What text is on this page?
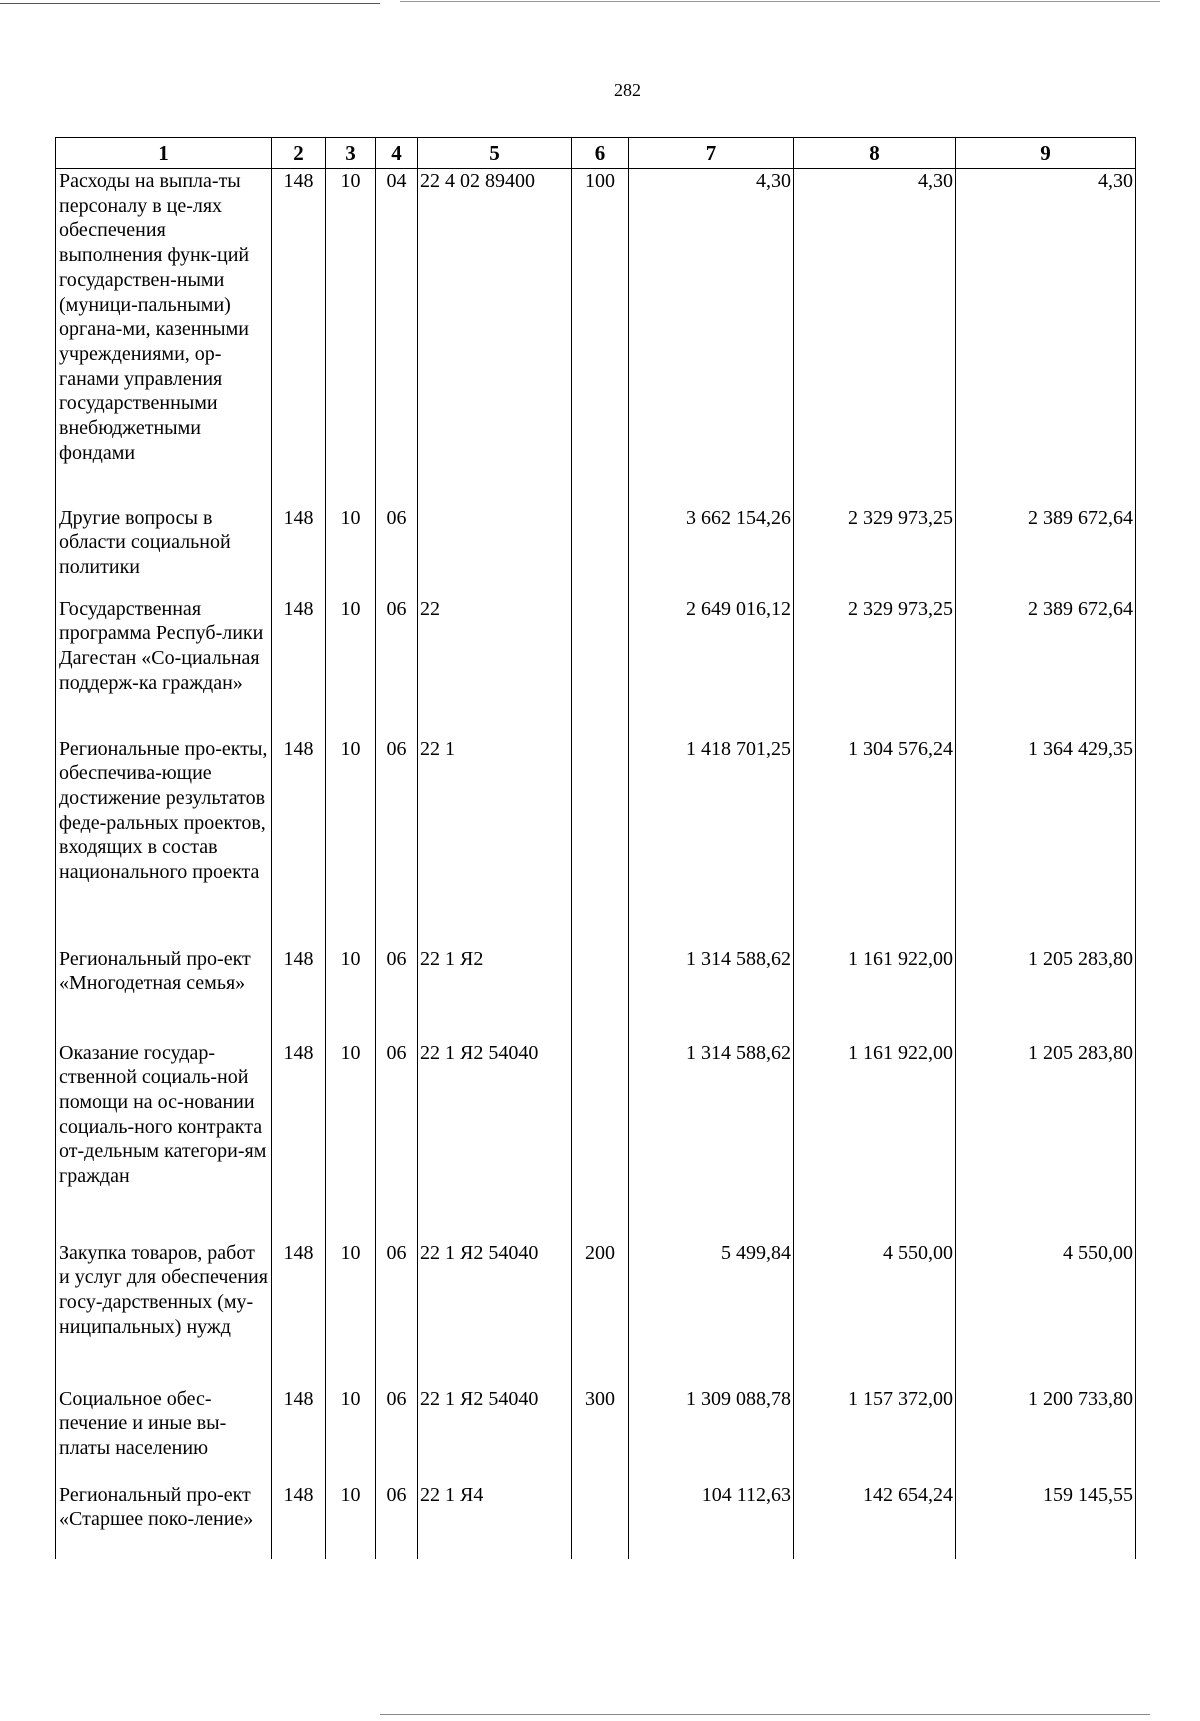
282
1	2	3	4	5	6	7	8	9
Расходы на выпла-ты персоналу в це-лях обеспечения выполнения функ-ций государствен-ными (муници-пальными) органа-ми, казенными учреждениями, ор-ганами управления государственными внебюджетными фондами	148	10	04	22 4 02 89400	100	4,30	4,30	4,30
Другие вопросы в области социальной политики	148	10	06			3 662 154,26	2 329 973,25	2 389 672,64
Государственная программа Респуб-лики Дагестан «Со-циальная поддерж-ка граждан»	148	10	06	22		2 649 016,12	2 329 973,25	2 389 672,64
Региональные про-екты, обеспечива-ющие достижение результатов феде-ральных проектов, входящих в состав национального проекта	148	10	06	22 1		1 418 701,25	1 304 576,24	1 364 429,35
Региональный про-ект «Многодетная семья»	148	10	06	22 1 Я2		1 314 588,62	1 161 922,00	1 205 283,80
Оказание государ-ственной социаль-ной помощи на ос-новании социаль-ного контракта от-дельным категори-ям граждан	148	10	06	22 1 Я2 54040		1 314 588,62	1 161 922,00	1 205 283,80
Закупка товаров, работ и услуг для обеспечения госу-дарственных (му-ниципальных) нужд	148	10	06	22 1 Я2 54040	200	5 499,84	4 550,00	4 550,00
Социальное обес-печение и иные вы-платы населению	148	10	06	22 1 Я2 54040	300	1 309 088,78	1 157 372,00	1 200 733,80
Региональный про-ект «Старшее поко-ление»	148	10	06	22 1 Я4		104 112,63	142 654,24	159 145,55
